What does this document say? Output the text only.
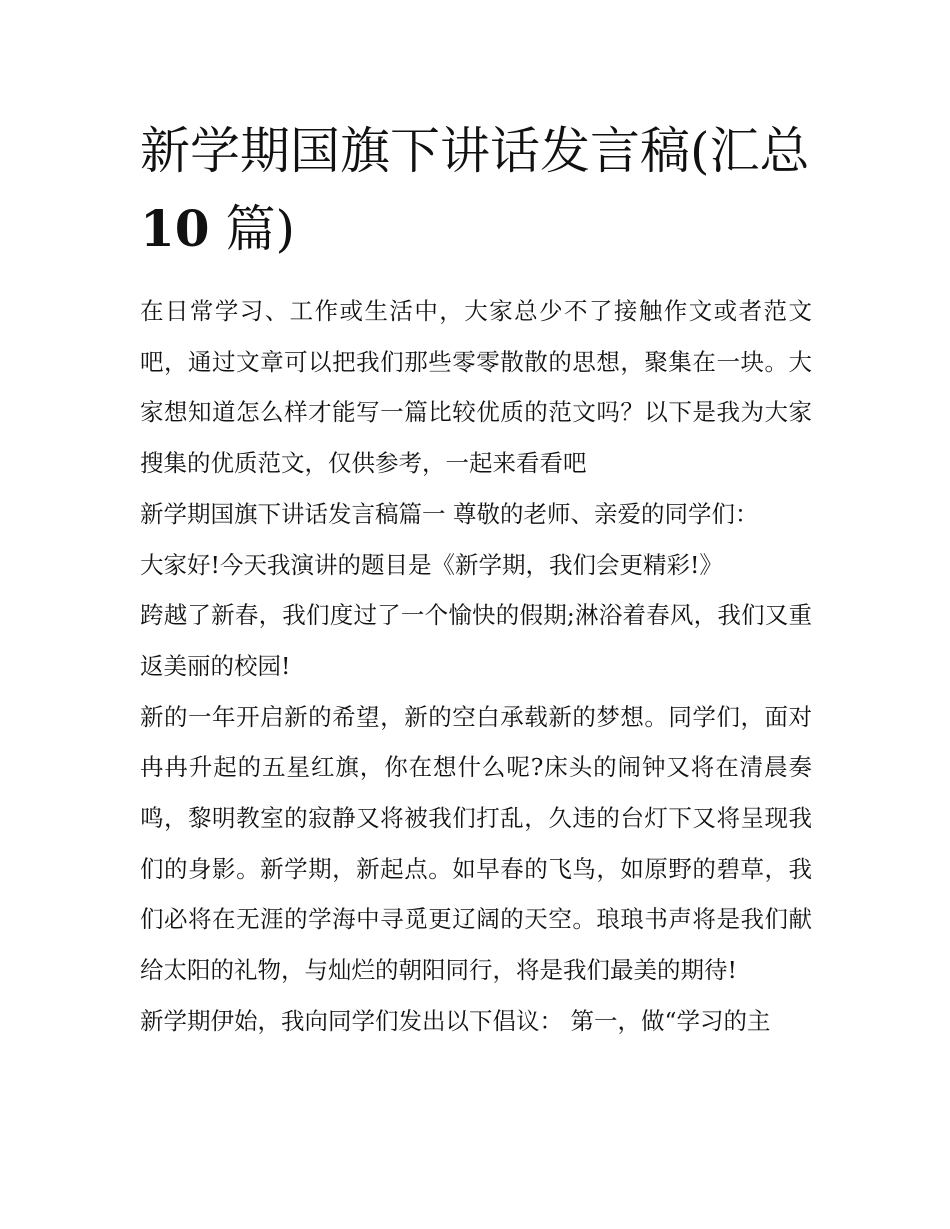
新学期国旗下讲话发言稿(汇总
10 篇)

在日常学习、工作或生活中，大家总少不了接触作文或者范文吧，通过文章可以把我们那些零零散散的思想，聚集在一块。大家想知道怎么样才能写一篇比较优质的范文吗？以下是我为大家搜集的优质范文，仅供参考，一起来看看吧

新学期国旗下讲话发言稿篇一 尊敬的老师、亲爱的同学们：

大家好!今天我演讲的题目是《新学期，我们会更精彩!》

跨越了新春，我们度过了一个愉快的假期;淋浴着春风，我们又重返美丽的校园!

新的一年开启新的希望，新的空白承载新的梦想。同学们，面对冉冉升起的五星红旗，你在想什么呢?床头的闹钟又将在清晨奏鸣，黎明教室的寂静又将被我们打乱，久违的台灯下又将呈现我们的身影。新学期，新起点。如早春的飞鸟，如原野的碧草，我们必将在无涯的学海中寻觅更辽阔的天空。琅琅书声将是我们献给太阳的礼物，与灿烂的朝阳同行，将是我们最美的期待!

新学期伊始，我向同学们发出以下倡议： 第一，做“学习的主
